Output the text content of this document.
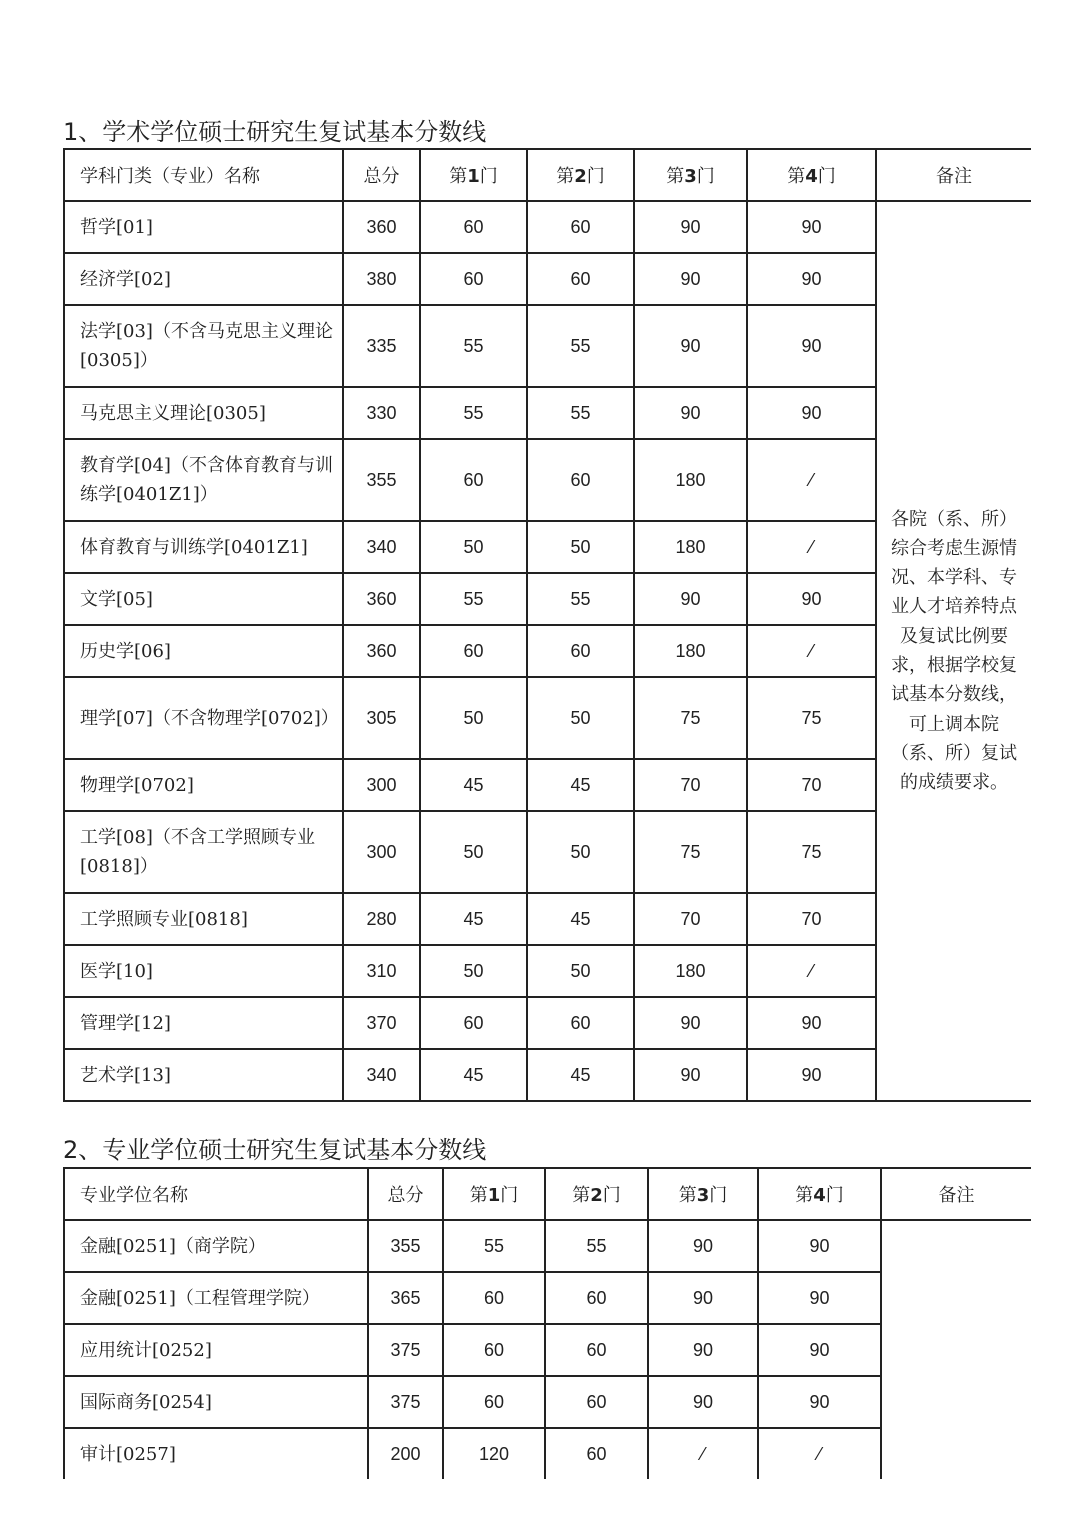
1、学术学位硕士研究生复试基本分数线
学科门类（专业）名称	总分	第1门	第2门	第3门	第4门	备注
哲学[01]	360	60	60	90	90	各院（系、所）综合考虑生源情况、本学科、专业人才培养特点及复试比例要求，根据学校复试基本分数线，可上调本院（系、所）复试的成绩要求。
经济学[02]	380	60	60	90	90	
法学[03]（不含马克思主义理论[0305]）	335	55	55	90	90	
马克思主义理论[0305]	330	55	55	90	90	
教育学[04]（不含体育教育与训练学[0401Z1]）	355	60	60	180	⁄	
体育教育与训练学[0401Z1]	340	50	50	180	⁄	
文学[05]	360	55	55	90	90	
历史学[06]	360	60	60	180	⁄	
理学[07]（不含物理学[0702]）	305	50	50	75	75	
物理学[0702]	300	45	45	70	70	
工学[08]（不含工学照顾专业[0818]）	300	50	50	75	75	
工学照顾专业[0818]	280	45	45	70	70	
医学[10]	310	50	50	180	⁄	
管理学[12]	370	60	60	90	90	
艺术学[13]	340	45	45	90	90	
2、专业学位硕士研究生复试基本分数线
专业学位名称	总分	第1门	第2门	第3门	第4门	备注
金融[0251]（商学院）	355	55	55	90	90	
金融[0251]（工程管理学院）	365	60	60	90	90	
应用统计[0252]	375	60	60	90	90	
国际商务[0254]	375	60	60	90	90	
审计[0257]	200	120	60	⁄	⁄	
